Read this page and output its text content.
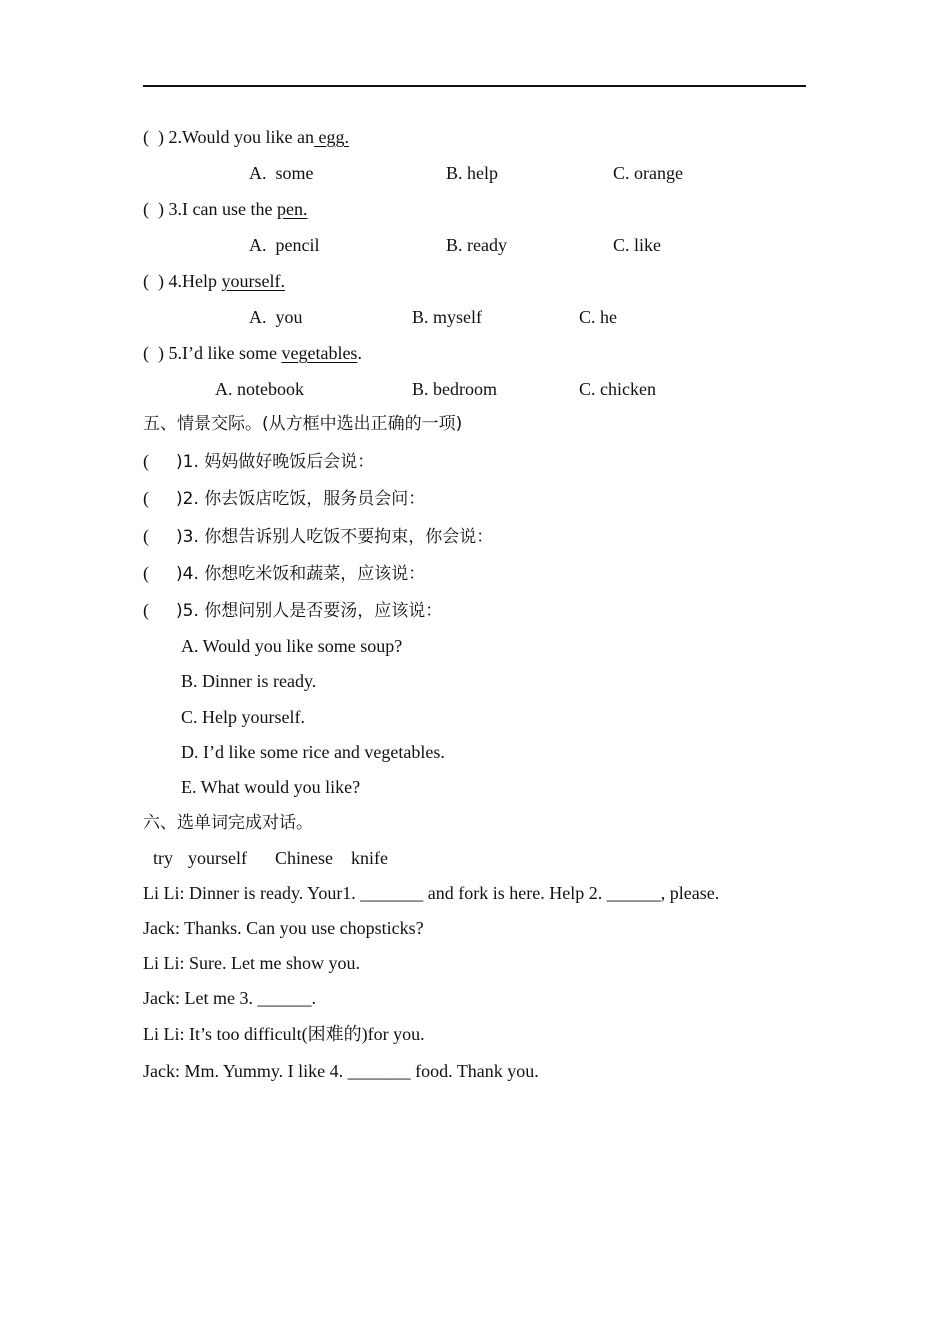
(  ) 2.Would you like an egg.
A.  some	B. help	C. orange
(  ) 3.I can use the pen.
A.  pencil	B. ready	C. like
(  ) 4.Help yourself.
A.  you	B. myself	C. he
(  ) 5.I’d like some vegetables.
A. notebook	B. bedroom	C. chicken
五、情景交际。(从方框中选出正确的一项)
( )1. 妈妈做好晚饭后会说：
( )2. 你去饭店吃饭，服务员会问：
( )3. 你想告诉别人吃饭不要拘束，你会说：
( )4. 你想吃米饭和蔬菜，应该说：
( )5. 你想问别人是否要汤，应该说：
A. Would you like some soup?
B. Dinner is ready.
C. Help yourself.
D. I’d like some rice and vegetables.
E. What would you like?
六、选单词完成对话。
try yourself Chinese knife
Li Li: Dinner is ready. Your1. _______ and fork is here. Help 2. ______, please.
Jack: Thanks. Can you use chopsticks?
Li Li: Sure. Let me show you.
Jack: Let me 3. ______.
Li Li: It’s too difficult(困难的)for you.
Jack: Mm. Yummy. I like 4. _______ food. Thank you.
